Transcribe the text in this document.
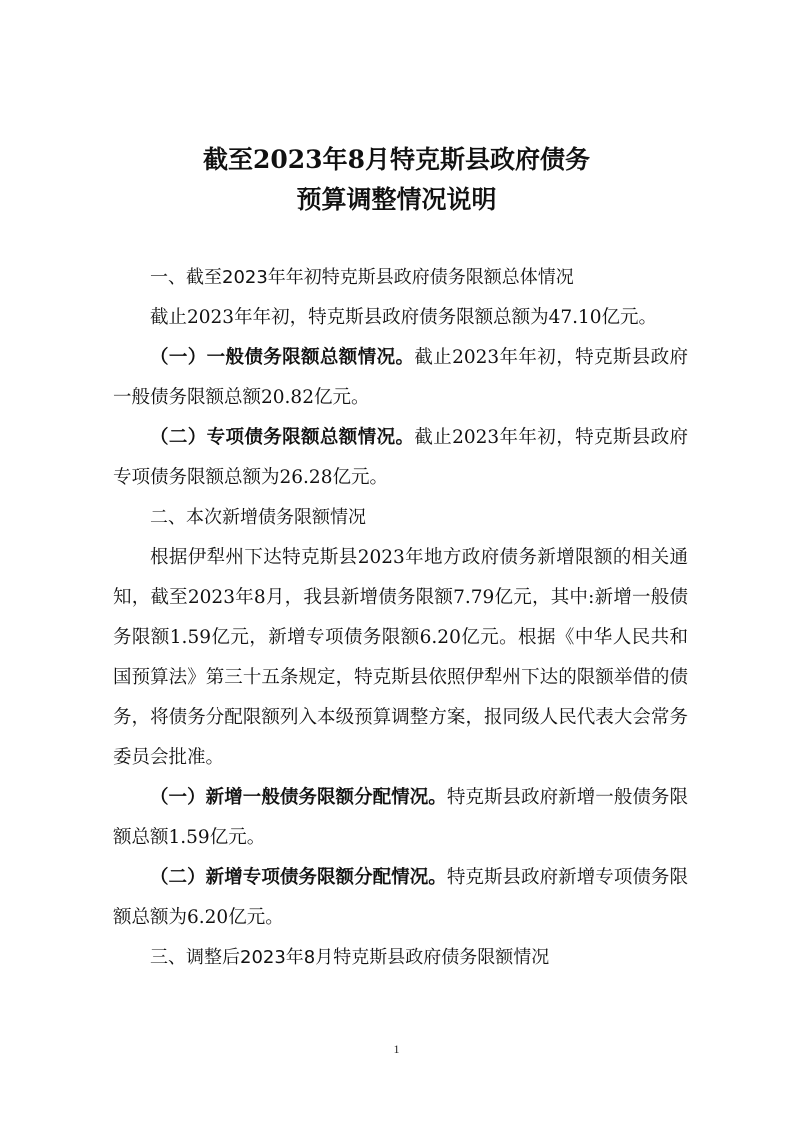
截至2023年8月特克斯县政府债务
预算调整情况说明

一、截至2023年年初特克斯县政府债务限额总体情况

截止2023年年初，特克斯县政府债务限额总额为47.10亿元。

（一）一般债务限额总额情况。截止2023年年初，特克斯县政府一般债务限额总额20.82亿元。

（二）专项债务限额总额情况。截止2023年年初，特克斯县政府专项债务限额总额为26.28亿元。

二、本次新增债务限额情况

根据伊犁州下达特克斯县2023年地方政府债务新增限额的相关通知，截至2023年8月，我县新增债务限额7.79亿元，其中:新增一般债务限额1.59亿元，新增专项债务限额6.20亿元。根据《中华人民共和国预算法》第三十五条规定，特克斯县依照伊犁州下达的限额举借的债务，将债务分配限额列入本级预算调整方案，报同级人民代表大会常务委员会批准。

（一）新增一般债务限额分配情况。特克斯县政府新增一般债务限额总额1.59亿元。

（二）新增专项债务限额分配情况。特克斯县政府新增专项债务限额总额为6.20亿元。

三、调整后2023年8月特克斯县政府债务限额情况

1
